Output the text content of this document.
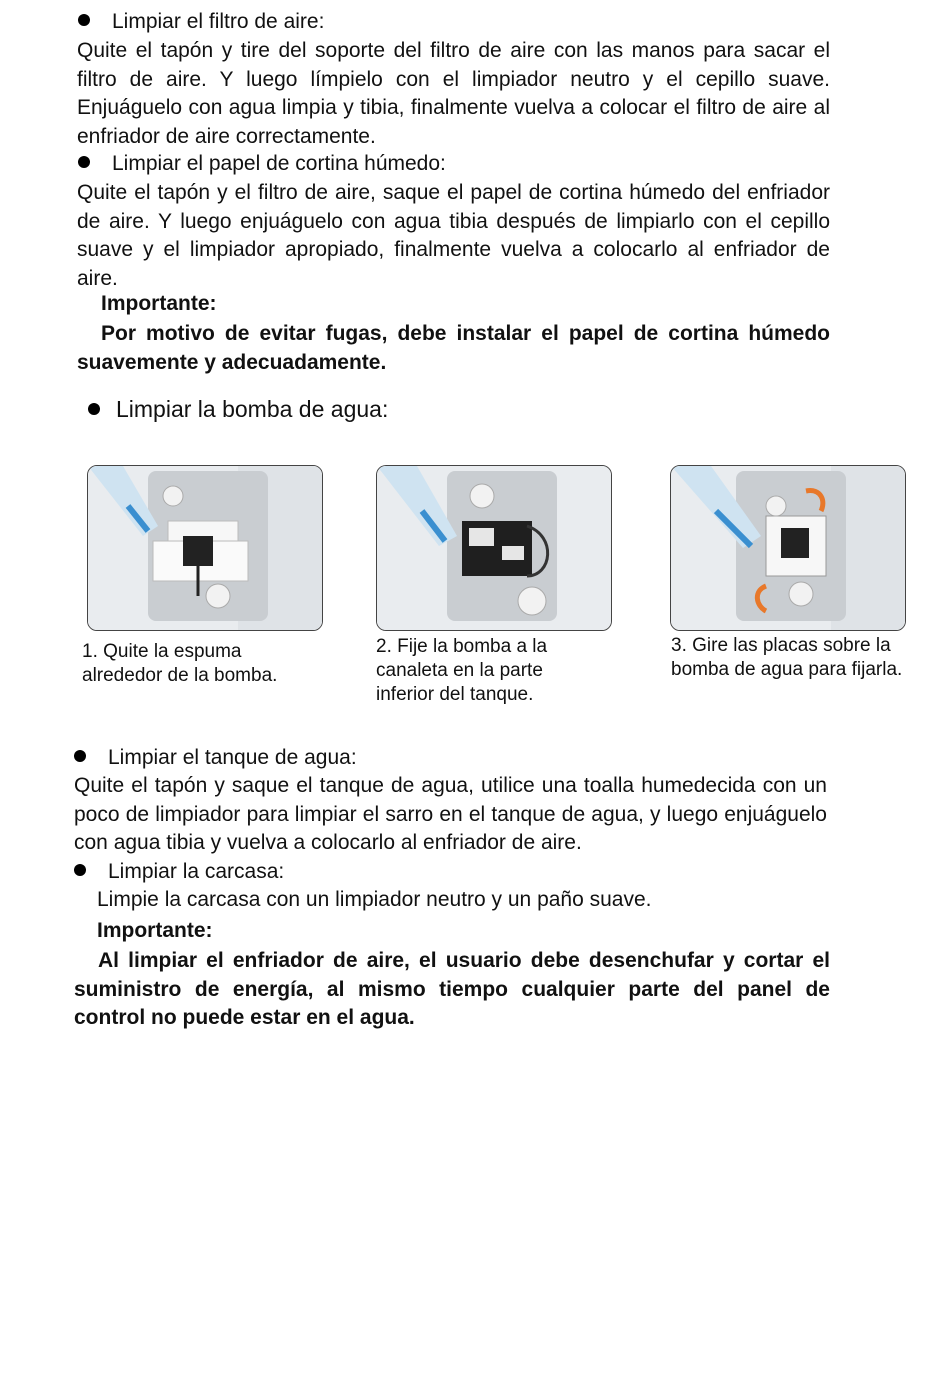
Limpiar el filtro de aire:
Quite el tapón y tire del soporte del filtro de aire con las manos para sacar el filtro de aire. Y luego límpielo con el limpiador neutro y el cepillo suave. Enjuáguelo con agua limpia y tibia, finalmente vuelva a colocar el filtro de aire al enfriador de aire correctamente.
Limpiar el papel de cortina húmedo:
Quite el tapón y el filtro de aire, saque el papel de cortina húmedo del enfriador de aire. Y luego enjuáguelo con agua tibia después de limpiarlo con el cepillo suave y el limpiador apropiado, finalmente vuelva a colocarlo al enfriador de aire.
Importante:
Por motivo de evitar fugas, debe instalar el papel de cortina húmedo suavemente y adecuadamente.
Limpiar la bomba de agua:
1. Quite la espuma alrededor de la bomba.
2. Fije la bomba a la canaleta en la parte inferior del tanque.
3. Gire las placas sobre la bomba de agua para fijarla.
Limpiar el tanque de agua:
Quite el tapón y saque el tanque de agua, utilice una toalla humedecida con un poco de limpiador para limpiar el sarro en el tanque de agua, y luego enjuáguelo con agua tibia y vuelva a colocarlo al enfriador de aire.
Limpiar la carcasa:
Limpie la carcasa con un limpiador neutro y un paño suave.
Importante:
Al limpiar el enfriador de aire, el usuario debe desenchufar y cortar el suministro de energía, al mismo tiempo cualquier parte del panel de control no puede estar en el agua.
